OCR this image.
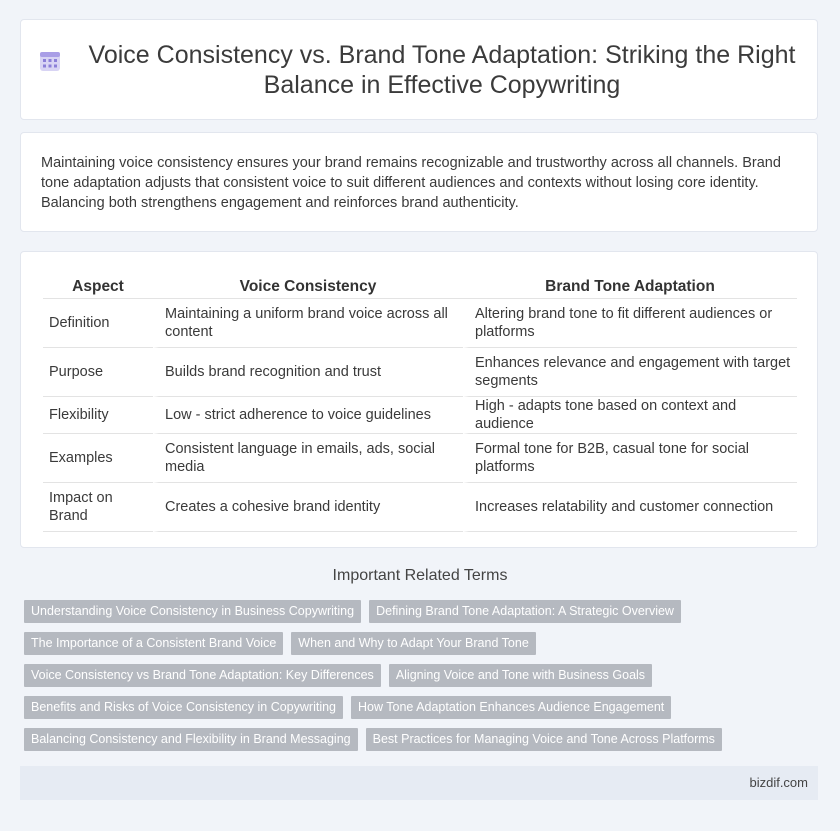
Voice Consistency vs. Brand Tone Adaptation: Striking the Right Balance in Effective Copywriting

Maintaining voice consistency ensures your brand remains recognizable and trustworthy across all channels. Brand tone adaptation adjusts that consistent voice to suit different audiences and contexts without losing core identity. Balancing both strengthens engagement and reinforces brand authenticity.

Aspect	Voice Consistency	Brand Tone Adaptation
Definition	Maintaining a uniform brand voice across all content	Altering brand tone to fit different audiences or platforms
Purpose	Builds brand recognition and trust	Enhances relevance and engagement with target segments
Flexibility	Low - strict adherence to voice guidelines	High - adapts tone based on context and audience
Examples	Consistent language in emails, ads, social media	Formal tone for B2B, casual tone for social platforms
Impact on Brand	Creates a cohesive brand identity	Increases relatability and customer connection
Important Related Terms
Understanding Voice Consistency in Business Copywriting	Defining Brand Tone Adaptation: A Strategic Overview
The Importance of a Consistent Brand Voice	When and Why to Adapt Your Brand Tone
Voice Consistency vs Brand Tone Adaptation: Key Differences	Aligning Voice and Tone with Business Goals
Benefits and Risks of Voice Consistency in Copywriting	How Tone Adaptation Enhances Audience Engagement
Balancing Consistency and Flexibility in Brand Messaging	Best Practices for Managing Voice and Tone Across Platforms
bizdif.com
